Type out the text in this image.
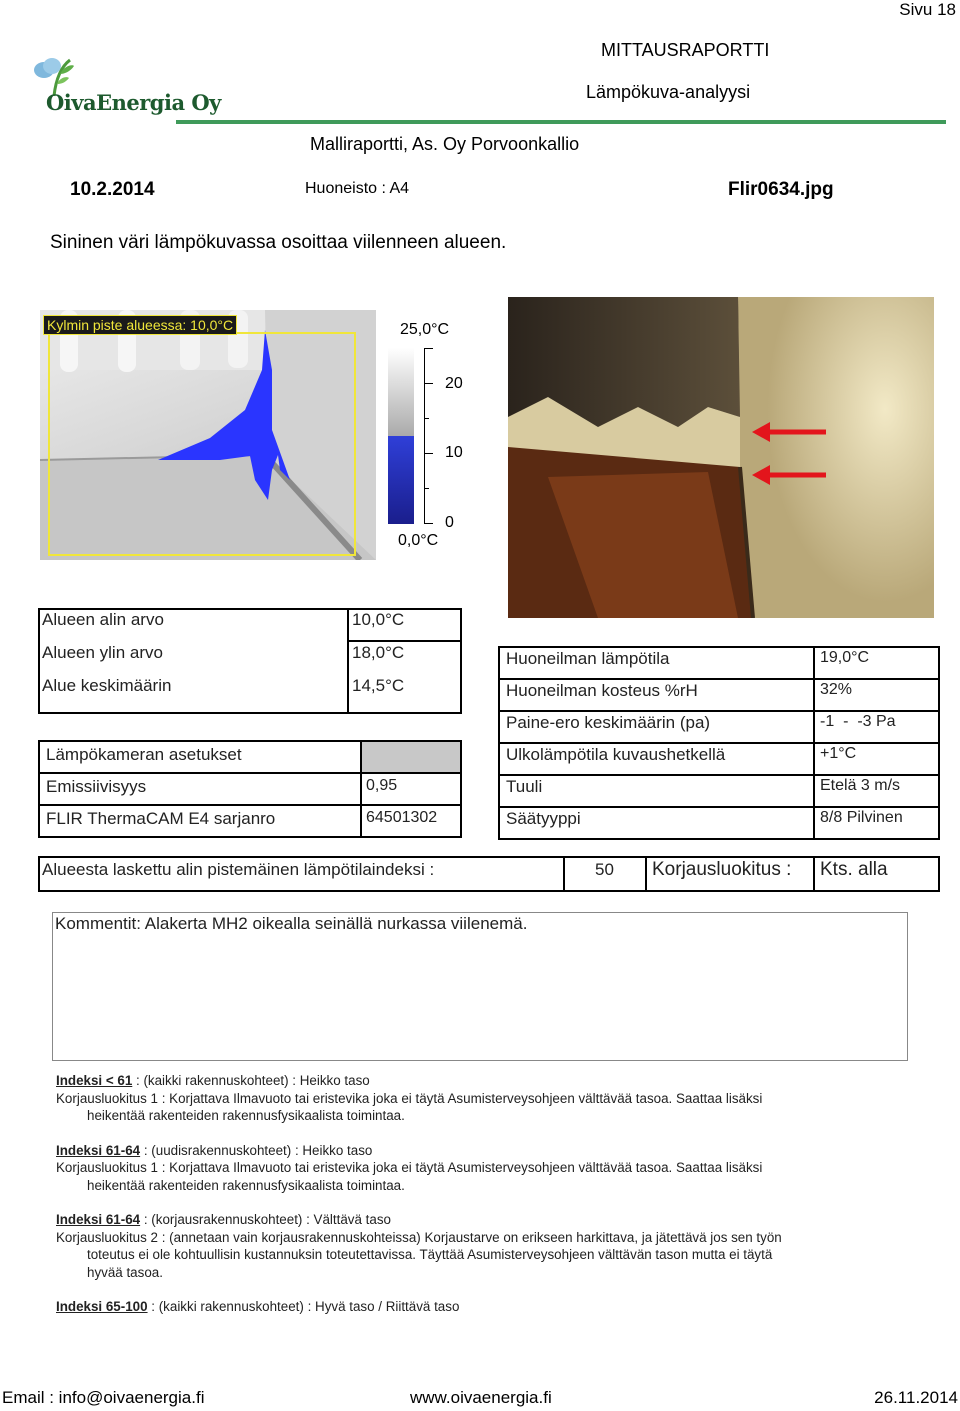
Sivu 18
OivaEnergia Oy
MITTAUSRAPORTTI
Lämpökuva-analyysi
Malliraportti, As. Oy Porvoonkallio
10.2.2014	Huoneisto : A4	Flir0634.jpg
Sininen väri lämpökuvassa osoittaa viilenneen alueen.
Kylmin piste alueessa: 10,0°C	25,0°C
20
10
0
0,0°C
Alueen alin arvo	10,0°C
Alueen ylin arvo	18,0°C
Alue keskimäärin	14,5°C
Lämpökameran asetukset
Emissiivisyys	0,95
FLIR ThermaCAM E4 sarjanro	64501302
Huoneilman lämpötila	19,0°C
Huoneilman kosteus %rH	32%
Paine-ero keskimäärin (pa)	-1  -  -3 Pa
Ulkolämpötila kuvaushetkellä	+1°C
Tuuli	Etelä 3 m/s
Säätyyppi	8/8 Pilvinen
Alueesta laskettu alin pistemäinen lämpötilaindeksi :	50 Korjausluokitus : Kts. alla
Kommentit: Alakerta MH2 oikealla seinällä nurkassa viilenemä.

Indeksi < 61 : (kaikki rakennuskohteet) : Heikko taso

Korjausluokitus 1 : Korjattava Ilmavuoto tai eristevika joka ei täytä Asumisterveysohjeen välttävää tasoa. Saattaa lisäksi

heikentää rakenteiden rakennusfysikaalista toimintaa.

Indeksi 61-64 : (uudisrakennuskohteet) : Heikko taso

Korjausluokitus 1 : Korjattava Ilmavuoto tai eristevika joka ei täytä Asumisterveysohjeen välttävää tasoa. Saattaa lisäksi

heikentää rakenteiden rakennusfysikaalista toimintaa.

Indeksi 61-64 : (korjausrakennuskohteet) : Välttävä taso

Korjausluokitus 2 : (annetaan vain korjausrakennuskohteissa) Korjaustarve on erikseen harkittava, ja jätettävä jos sen työn

toteutus ei ole kohtuullisin kustannuksin toteutettavissa. Täyttää Asumisterveysohjeen välttävän tason mutta ei täytä

hyvää tasoa.

Indeksi 65-100 : (kaikki rakennuskohteet) : Hyvä taso / Riittävä taso

Email : info@oivaenergia.fi	www.oivaenergia.fi	26.11.2014
